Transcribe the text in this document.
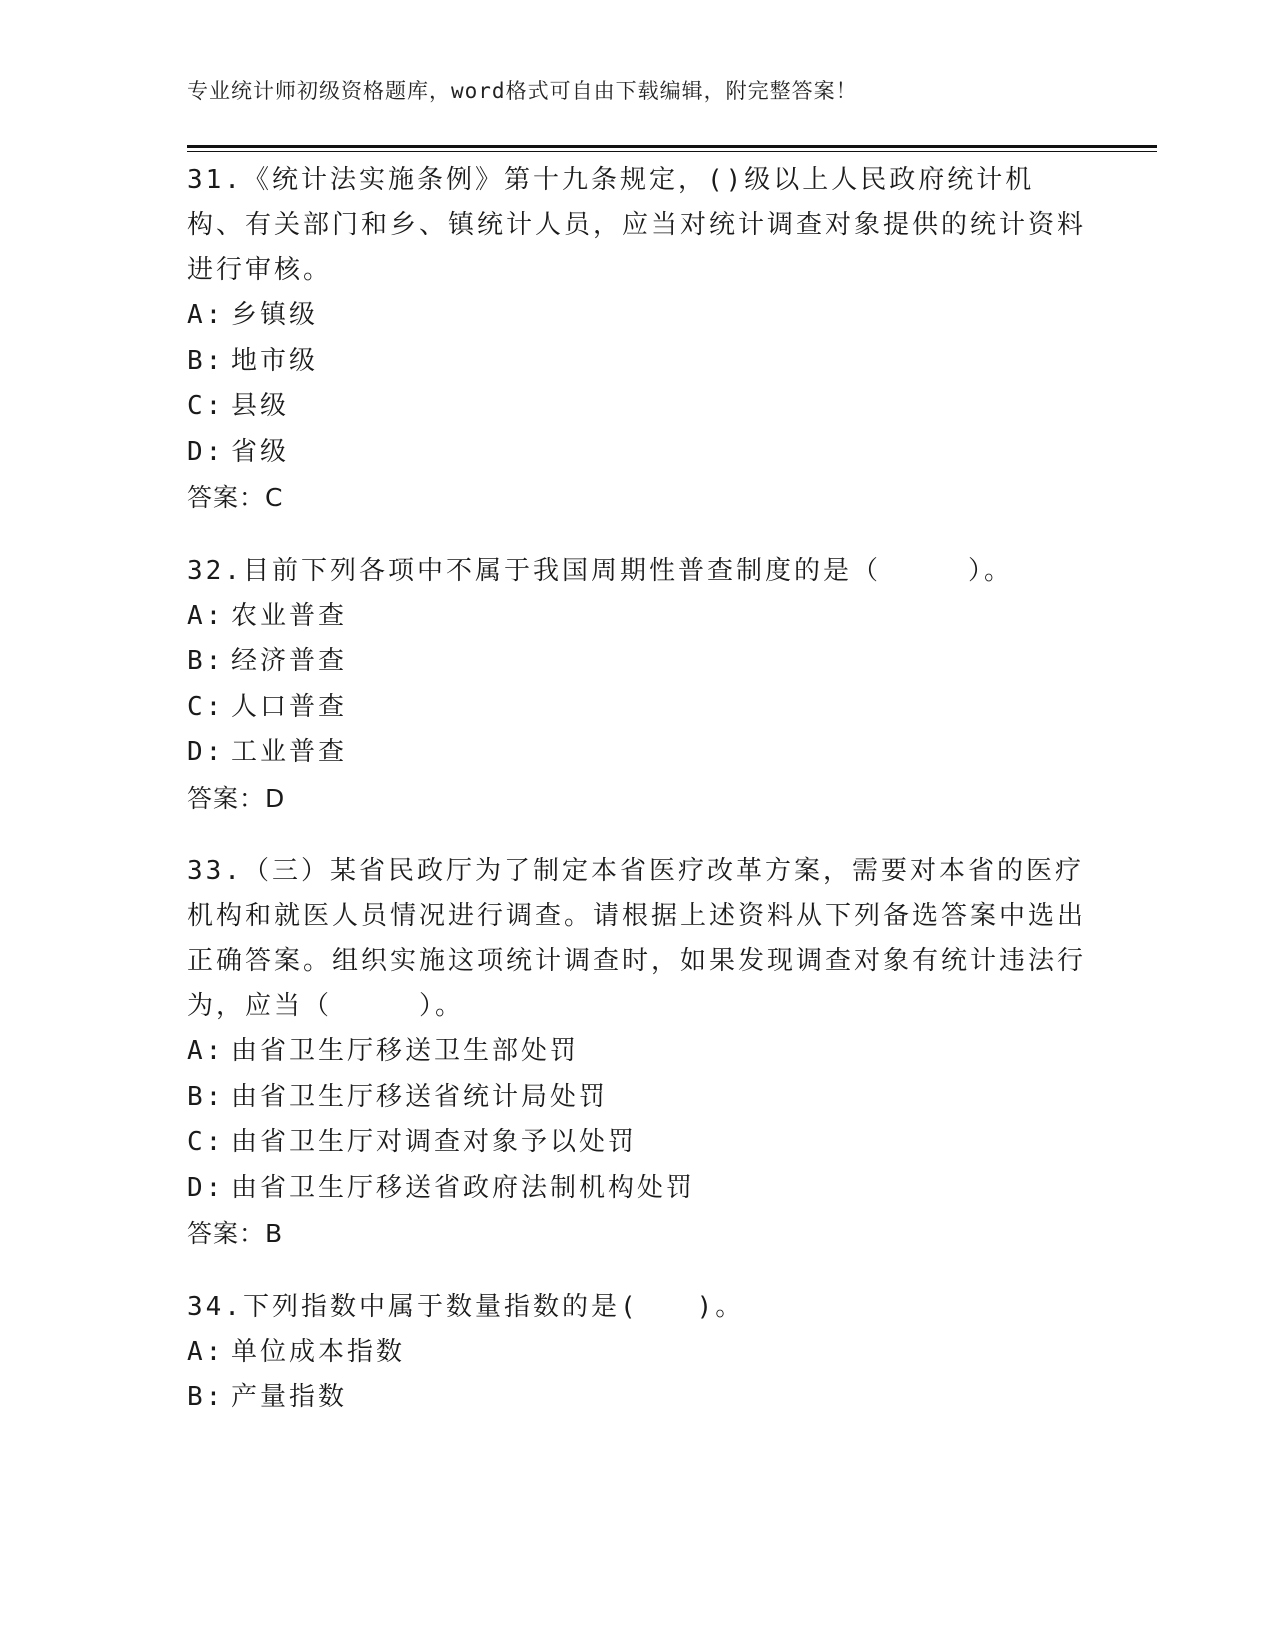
专业统计师初级资格题库，word格式可自由下载编辑，附完整答案！

31.《统计法实施条例》第十九条规定，()级以上人民政府统计机构、有关部门和乡、镇统计人员，应当对统计调查对象提供的统计资料进行审核。

A: 乡镇级

B: 地市级

C: 县级

D: 省级

答案：C

32.目前下列各项中不属于我国周期性普查制度的是（　　　）。

A: 农业普查

B: 经济普查

C: 人口普查

D: 工业普查

答案：D

33.（三）某省民政厅为了制定本省医疗改革方案，需要对本省的医疗机构和就医人员情况进行调查。请根据上述资料从下列备选答案中选出正确答案。组织实施这项统计调查时，如果发现调查对象有统计违法行为，应当（　　　）。

A: 由省卫生厅移送卫生部处罚

B: 由省卫生厅移送省统计局处罚

C: 由省卫生厅对调查对象予以处罚

D: 由省卫生厅移送省政府法制机构处罚

答案：B

34.下列指数中属于数量指数的是(　　)。

A: 单位成本指数

B: 产量指数
